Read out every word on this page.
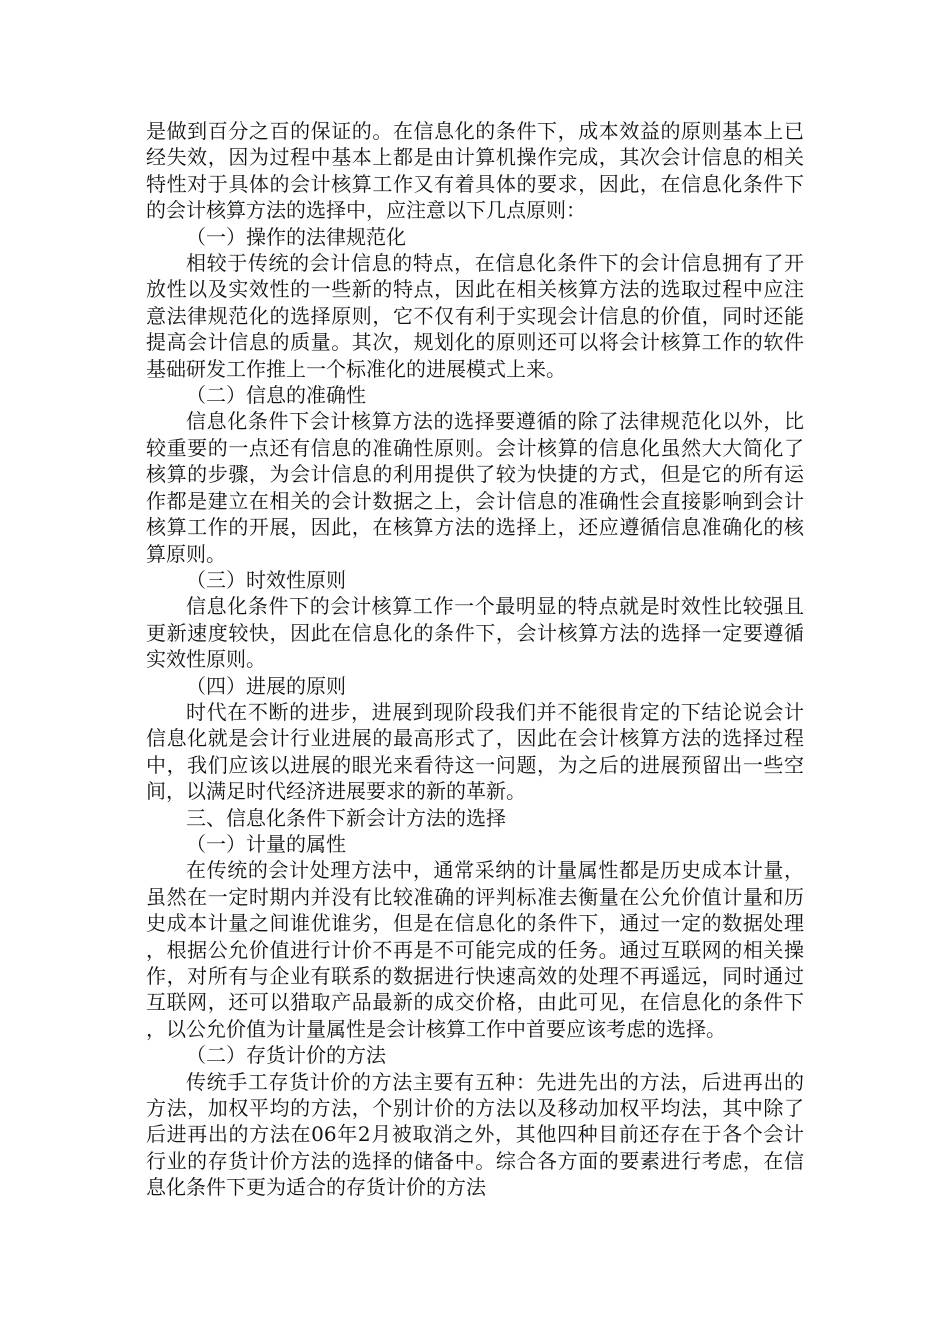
是做到百分之百的保证的。在信息化的条件下，成本效益的原则基本上已经失效，因为过程中基本上都是由计算机操作完成，其次会计信息的相关特性对于具体的会计核算工作又有着具体的要求，因此，在信息化条件下的会计核算方法的选择中，应注意以下几点原则：

（一）操作的法律规范化

相较于传统的会计信息的特点，在信息化条件下的会计信息拥有了开放性以及实效性的一些新的特点，因此在相关核算方法的选取过程中应注意法律规范化的选择原则，它不仅有利于实现会计信息的价值，同时还能提高会计信息的质量。其次，规划化的原则还可以将会计核算工作的软件基础研发工作推上一个标准化的进展模式上来。

（二）信息的准确性

信息化条件下会计核算方法的选择要遵循的除了法律规范化以外，比较重要的一点还有信息的准确性原则。会计核算的信息化虽然大大简化了核算的步骤，为会计信息的利用提供了较为快捷的方式，但是它的所有运作都是建立在相关的会计数据之上，会计信息的准确性会直接影响到会计核算工作的开展，因此，在核算方法的选择上，还应遵循信息准确化的核算原则。

（三）时效性原则

信息化条件下的会计核算工作一个最明显的特点就是时效性比较强且更新速度较快，因此在信息化的条件下，会计核算方法的选择一定要遵循实效性原则。

（四）进展的原则

时代在不断的进步，进展到现阶段我们并不能很肯定的下结论说会计信息化就是会计行业进展的最高形式了，因此在会计核算方法的选择过程中，我们应该以进展的眼光来看待这一问题，为之后的进展预留出一些空间，以满足时代经济进展要求的新的革新。

三、信息化条件下新会计方法的选择

（一）计量的属性

在传统的会计处理方法中，通常采纳的计量属性都是历史成本计量，虽然在一定时期内并没有比较准确的评判标准去衡量在公允价值计量和历史成本计量之间谁优谁劣，但是在信息化的条件下，通过一定的数据处理，根据公允价值进行计价不再是不可能完成的任务。通过互联网的相关操作，对所有与企业有联系的数据进行快速高效的处理不再遥远，同时通过互联网，还可以猎取产品最新的成交价格，由此可见，在信息化的条件下，以公允价值为计量属性是会计核算工作中首要应该考虑的选择。

（二）存货计价的方法

传统手工存货计价的方法主要有五种：先进先出的方法，后进再出的方法，加权平均的方法，个别计价的方法以及移动加权平均法，其中除了后进再出的方法在06年2月被取消之外，其他四种目前还存在于各个会计行业的存货计价方法的选择的储备中。综合各方面的要素进行考虑，在信息化条件下更为适合的存货计价的方法
